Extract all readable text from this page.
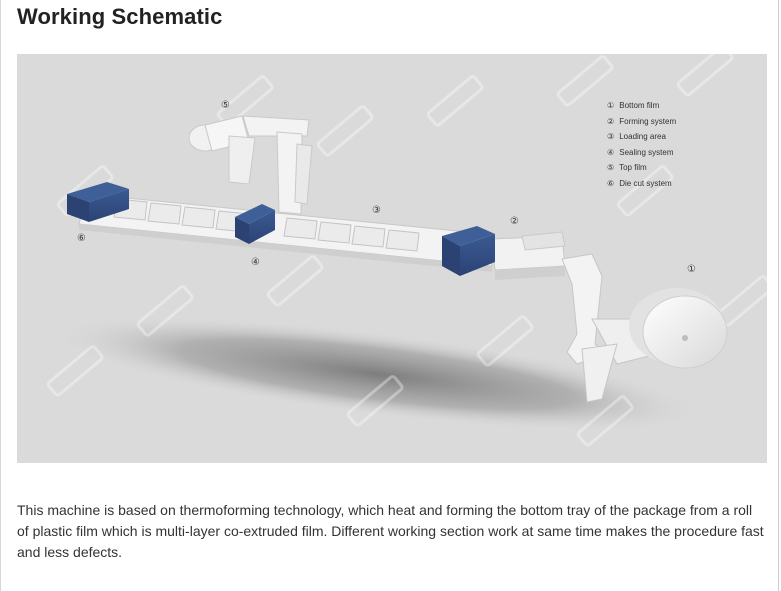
Working Schematic
⑤
③
②
⑥
④
①
① Bottom film
② Forming system
③ Loading area
④ Sealing system
⑤ Top film
⑥ Die cut system

This machine is based on thermoforming technology, which heat and forming the bottom tray of the package from a roll of plastic film which is multi-layer co-extruded film. Different working section work at same time makes the procedure fast and less defects.
